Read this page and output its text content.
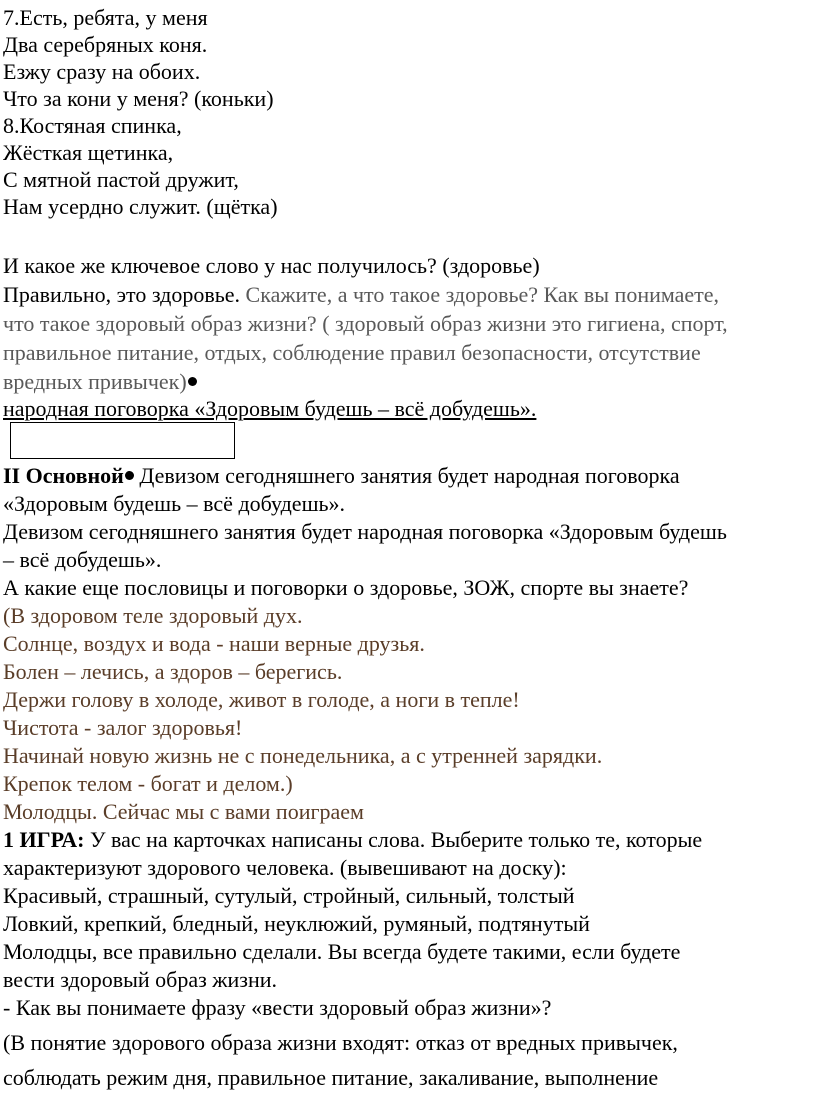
7.Есть, ребята, у меня
Два серебряных коня.
Езжу сразу на обоих.
Что за кони у меня? (коньки)
8.Костяная спинка,
Жёсткая щетинка,
С мятной пастой дружит,
Нам усердно служит. (щётка)
И какое же ключевое слово у нас получилось? (здоровье)
Правильно, это здоровье. Скажите, а что такое здоровье? Как вы понимаете,
что такое здоровый образ жизни? ( здоровый образ жизни это гигиена, спорт,
правильное питание, отдых, соблюдение правил безопасности, отсутствие
вредных привычек)
народная поговорка «Здоровым будешь – всё добудешь».
II Основной Девизом сегодняшнего занятия будет народная поговорка
«Здоровым будешь – всё добудешь».
Девизом сегодняшнего занятия будет народная поговорка «Здоровым будешь
– всё добудешь».
А какие еще пословицы и поговорки о здоровье, ЗОЖ, спорте вы знаете?
(В здоровом теле здоровый дух.
Солнце, воздух и вода - наши верные друзья.
Болен – лечись, а здоров – берегись.
Держи голову в холоде, живот в голоде, а ноги в тепле!
Чистота - залог здоровья!
Начинай новую жизнь не с понедельника, а с утренней зарядки.
Крепок телом - богат и делом.)
Молодцы. Сейчас мы с вами поиграем
1 ИГРА: У вас на карточках написаны слова. Выберите только те, которые
характеризуют здорового человека. (вывешивают на доску):
Красивый, страшный, сутулый, стройный, сильный, толстый
Ловкий, крепкий, бледный, неуклюжий, румяный, подтянутый
Молодцы, все правильно сделали. Вы всегда будете такими, если будете
вести здоровый образ жизни.
- Как вы понимаете фразу «вести здоровый образ жизни»?
(В понятие здорового образа жизни входят: отказ от вредных привычек,
соблюдать режим дня, правильное питание, закаливание, выполнение
